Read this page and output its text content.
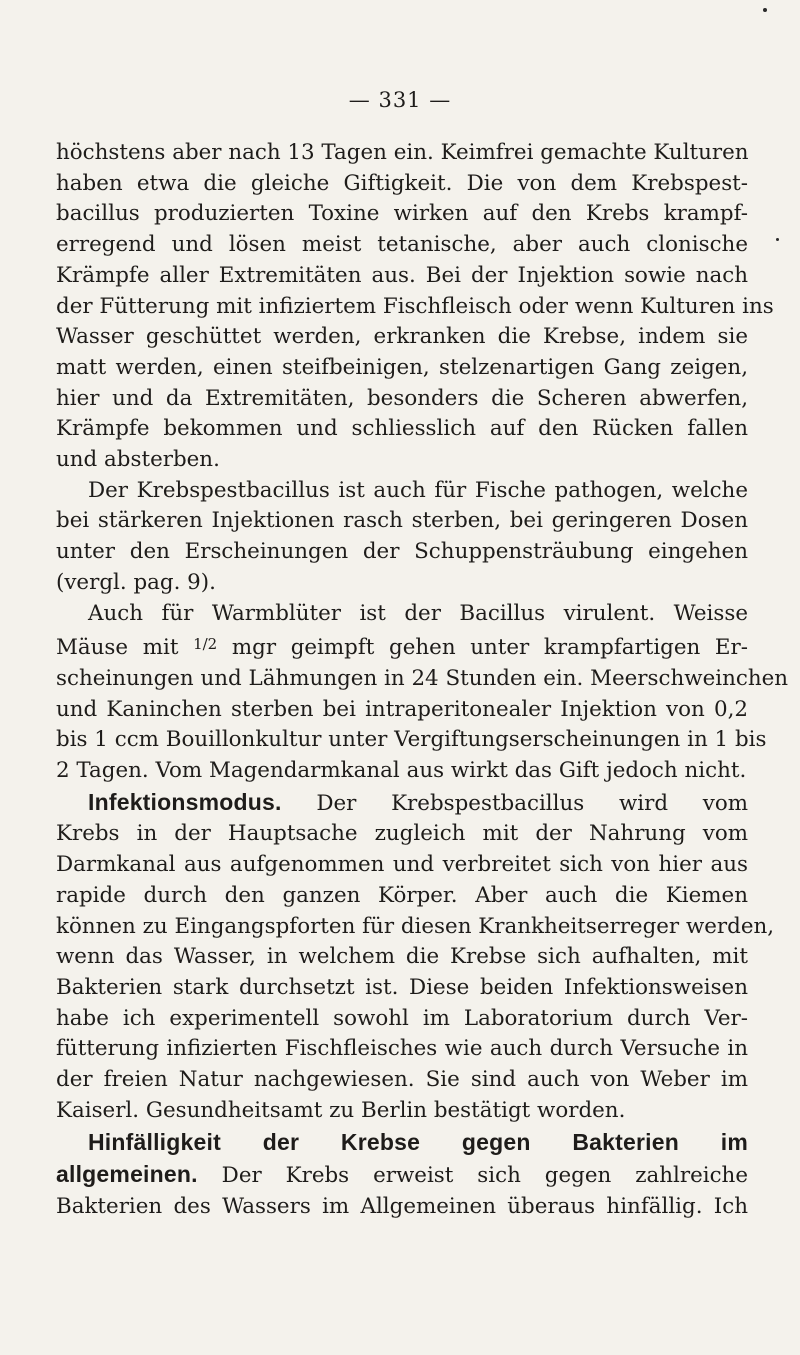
— 331 —

höchstens aber nach 13 Tagen ein. Keimfrei gemachte Kulturen
haben etwa die gleiche Giftigkeit. Die von dem Krebspest-
bacillus produzierten Toxine wirken auf den Krebs krampf-
erregend und lösen meist tetanische, aber auch clonische
Krämpfe aller Extremitäten aus. Bei der Injektion sowie nach
der Fütterung mit infiziertem Fischfleisch oder wenn Kulturen ins
Wasser geschüttet werden, erkranken die Krebse, indem sie
matt werden, einen steifbeinigen, stelzenartigen Gang zeigen,
hier und da Extremitäten, besonders die Scheren abwerfen,
Krämpfe bekommen und schliesslich auf den Rücken fallen
und absterben.

Der Krebspestbacillus ist auch für Fische pathogen, welche
bei stärkeren Injektionen rasch sterben, bei geringeren Dosen
unter den Erscheinungen der Schuppensträubung eingehen
(vergl. pag. 9).

Auch für Warmblüter ist der Bacillus virulent. Weisse
Mäuse mit $^{1/2}$ mgr geimpft gehen unter krampfartigen Er-
scheinungen und Lähmungen in 24 Stunden ein. Meerschweinchen
und Kaninchen sterben bei intraperitonealer Injektion von 0,2
bis 1 ccm Bouillonkultur unter Vergiftungserscheinungen in 1 bis
2 Tagen. Vom Magendarmkanal aus wirkt das Gift jedoch nicht.

Infektionsmodus. Der Krebspestbacillus wird vom
Krebs in der Hauptsache zugleich mit der Nahrung vom
Darmkanal aus aufgenommen und verbreitet sich von hier aus
rapide durch den ganzen Körper. Aber auch die Kiemen
können zu Eingangspforten für diesen Krankheitserreger werden,
wenn das Wasser, in welchem die Krebse sich aufhalten, mit
Bakterien stark durchsetzt ist. Diese beiden Infektionsweisen
habe ich experimentell sowohl im Laboratorium durch Ver-
fütterung infizierten Fischfleisches wie auch durch Versuche in
der freien Natur nachgewiesen. Sie sind auch von Weber im
Kaiserl. Gesundheitsamt zu Berlin bestätigt worden.

Hinfälligkeit der Krebse gegen Bakterien im
allgemeinen. Der Krebs erweist sich gegen zahlreiche
Bakterien des Wassers im Allgemeinen überaus hinfällig. Ich
